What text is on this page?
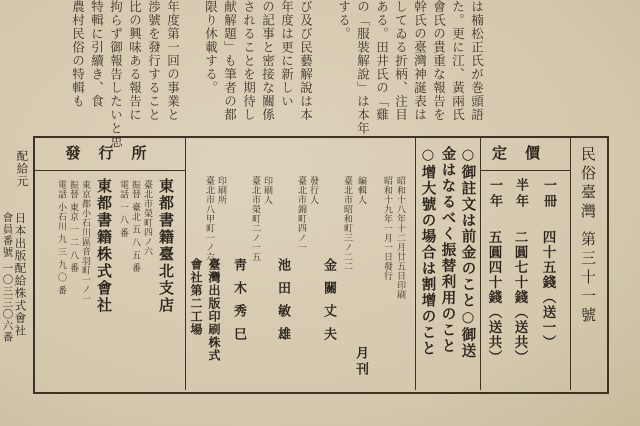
は楠松正氏が巻頭語
た。更に江、黃兩氏
會氏の貴重な報告を
幹氏の臺灣神誕表は
してゐる折柄、注目
ある。田井氏の「雞
の「服裝解說」は本年
する。
び及び民藝解說は本
年度は更に新しい
の記事と密接な關係
されることを期待し
献解題」も筆者の都
限り休載する。
年度第一回の事業と
渉號を發行すること
比の興味ある報告に
拘らず御報告したいと思
特輯に引續き、食
農村民俗の特輯も
發行所	定價
東都書籍臺北支店
臺北市榮町四ノ六
振替 臺北 五 八 五 番
電話 一 八 番
東都書籍株式會社
東京都小石川區音羽町一ノ一
振替 東京 一 二 八 番
電話 小石川 九 三 九 〇 番	昭和十八年十二月廿五日印刷
昭和十九年一月一日發行
月刊
編輯人
臺北市昭和町三ノ二二
金關丈夫
發行人
臺北市錦町四ノ一
池田敏雄
印刷人
臺北市榮町二ノ一五
靑木秀巳
印刷所
臺北市八甲町一ノ六
臺灣出版印刷株式
會社第二工場
一冊
四十五錢（送一）
半年
二圓七十錢（送共）
一年
五圓四十錢（送共）
○御註文は前金のこと○御送
金はなるべく振替利用のこと
○增大號の場合は割增のこと	民俗臺灣 第三十一號
配給元
日本出版配給株式會社
會員番號 一〇三三〇六番
